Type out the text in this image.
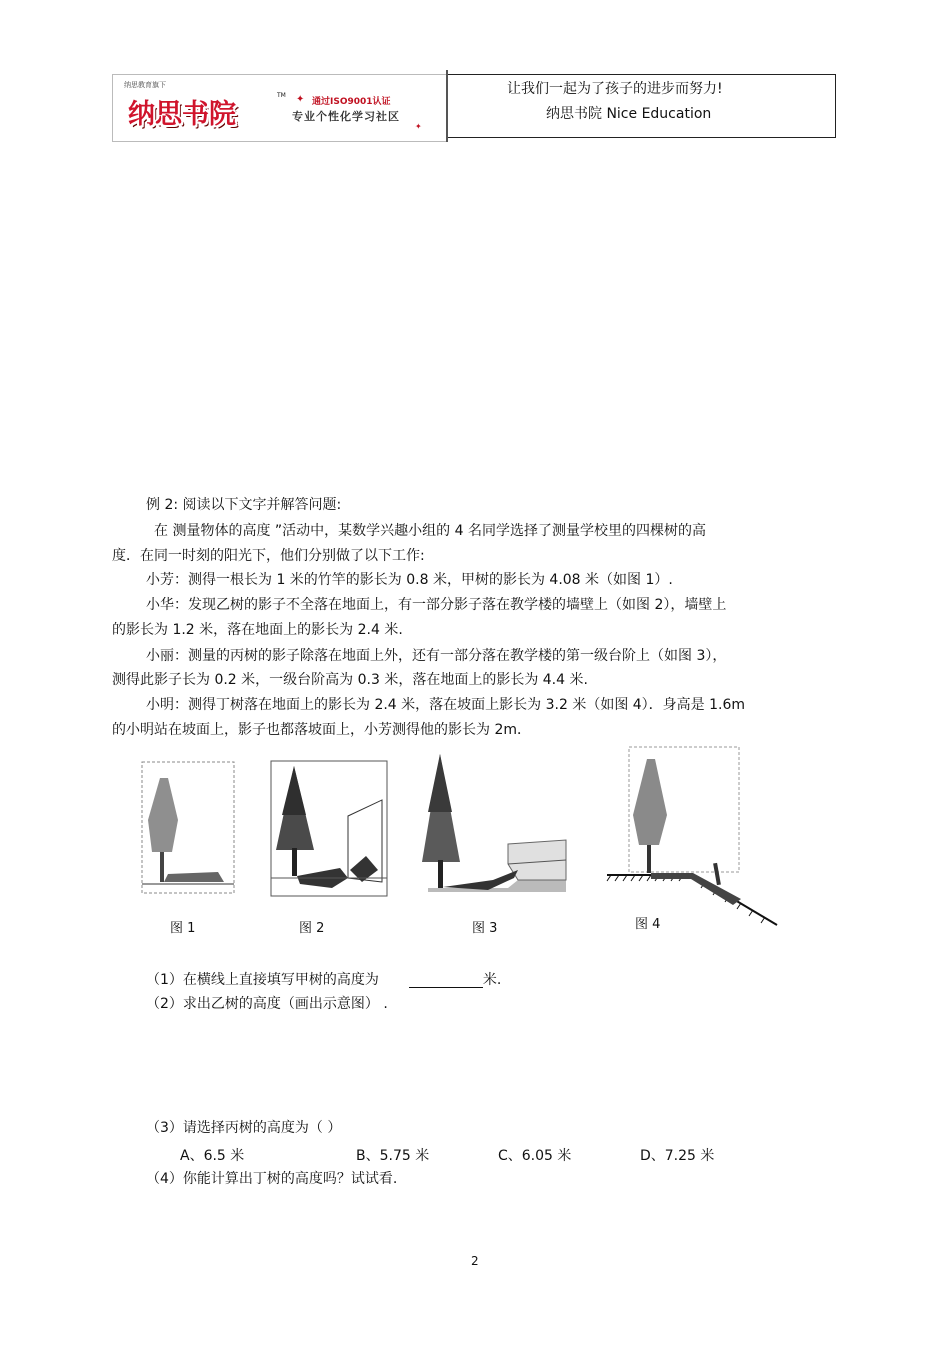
纳思教育旗下
纳思书院
TM ✦ 通过ISO9001认证
专业个性化学习社区
✦
让我们一起为了孩子的进步而努力!
纳思书院 Nice Education
例 2: 阅读以下文字并解答问题:
在 测量物体的高度 ”活动中，某数学兴趣小组的 4 名同学选择了测量学校里的四棵树的高
度．在同一时刻的阳光下，他们分别做了以下工作:
小芳：测得一根长为 1 米的竹竿的影长为 0.8 米，甲树的影长为 4.08 米（如图 1）.
小华：发现乙树的影子不全落在地面上，有一部分影子落在教学楼的墙壁上（如图 2），墙壁上
的影长为 1.2 米，落在地面上的影长为 2.4 米.
小丽：测量的丙树的影子除落在地面上外，还有一部分落在教学楼的第一级台阶上（如图 3），
测得此影子长为 0.2 米，一级台阶高为 0.3 米，落在地面上的影长为 4.4 米.
小明：测得丁树落在地面上的影长为 2.4 米，落在坡面上影长为 3.2 米（如图 4）．身高是 1.6m
的小明站在坡面上，影子也都落坡面上，小芳测得他的影长为 2m．
图 1	图 2	图 3	图 4
（1）在横线上直接填写甲树的高度为	米.
（2）求出乙树的高度（画出示意图） .
（3）请选择丙树的高度为（ ）
A、6.5 米	B、5.75 米	C、6.05 米	D、7.25 米
（4）你能计算出丁树的高度吗？试试看.
2
